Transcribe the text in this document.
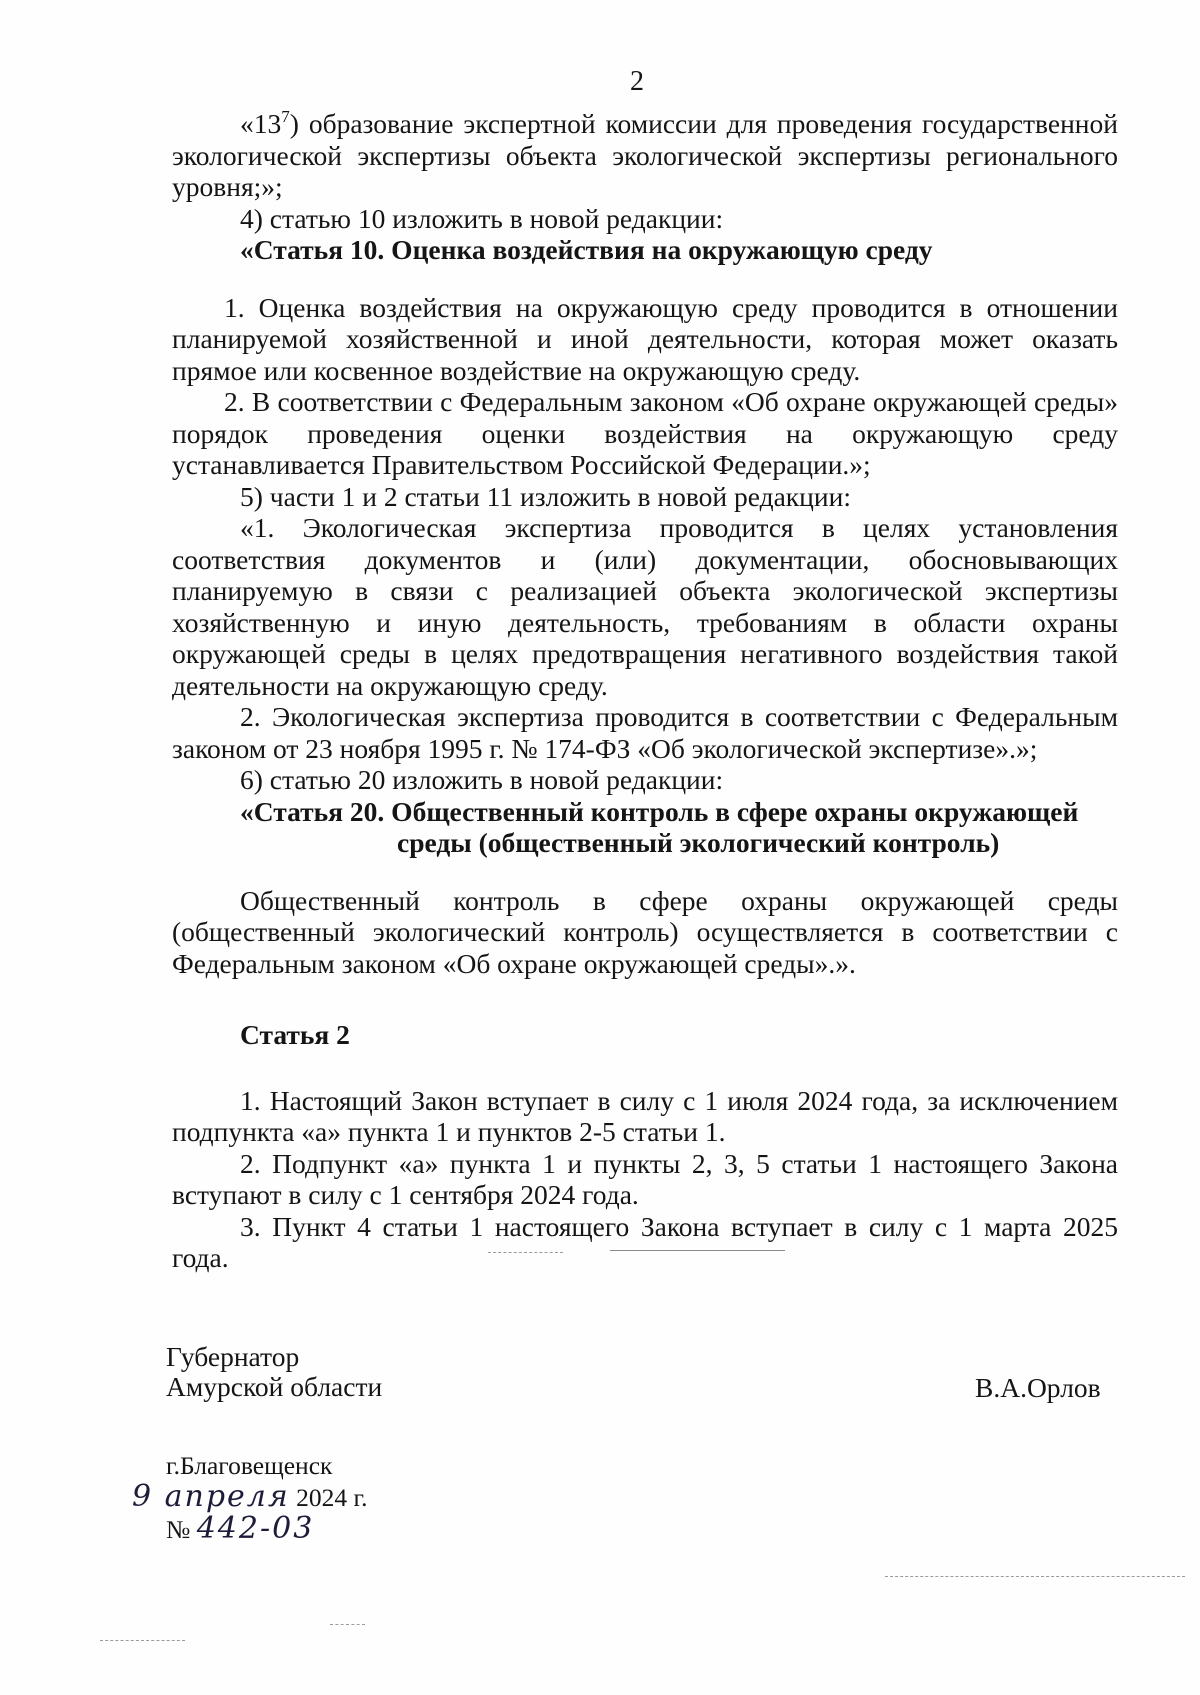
2

«$13^7$) образование экспертной комиссии для проведения государственной экологической экспертизы объекта экологической экспертизы регионального уровня;»;

4) статью 10 изложить в новой редакции:

«Статья 10. Оценка воздействия на окружающую среду

1. Оценка воздействия на окружающую среду проводится в отношении планируемой хозяйственной и иной деятельности, которая может оказать прямое или косвенное воздействие на окружающую среду.

2. В соответствии с Федеральным законом «Об охране окружающей среды» порядок проведения оценки воздействия на окружающую среду устанавливается Правительством Российской Федерации.»;

5) части 1 и 2 статьи 11 изложить в новой редакции:

«1. Экологическая экспертиза проводится в целях установления соответствия документов и (или) документации, обосновывающих планируемую в связи с реализацией объекта экологической экспертизы хозяйственную и иную деятельность, требованиям в области охраны окружающей среды в целях предотвращения негативного воздействия такой деятельности на окружающую среду.

2. Экологическая экспертиза проводится в соответствии с Федеральным законом от 23 ноября 1995 г. № 174-ФЗ «Об экологической экспертизе».»;

6) статью 20 изложить в новой редакции:

«Статья 20. Общественный контроль в сфере охраны окружающей

среды (общественный экологический контроль)

Общественный контроль в сфере охраны окружающей среды (общественный экологический контроль) осуществляется в соответствии с Федеральным законом «Об охране окружающей среды».».

Статья 2

1. Настоящий Закон вступает в силу с 1 июля 2024 года, за исключением подпункта «а» пункта 1 и пунктов 2-5 статьи 1.

2. Подпункт «а» пункта 1 и пункты 2, 3, 5 статьи 1 настоящего Закона вступают в силу с 1 сентября 2024 года.

3. Пункт 4 статьи 1 настоящего Закона вступает в силу с 1 марта 2025 года.

Губернатор
Амурской области	В.А.Орлов
г.Благовещенск
9 апреля 2024 г.
№ 442-03
